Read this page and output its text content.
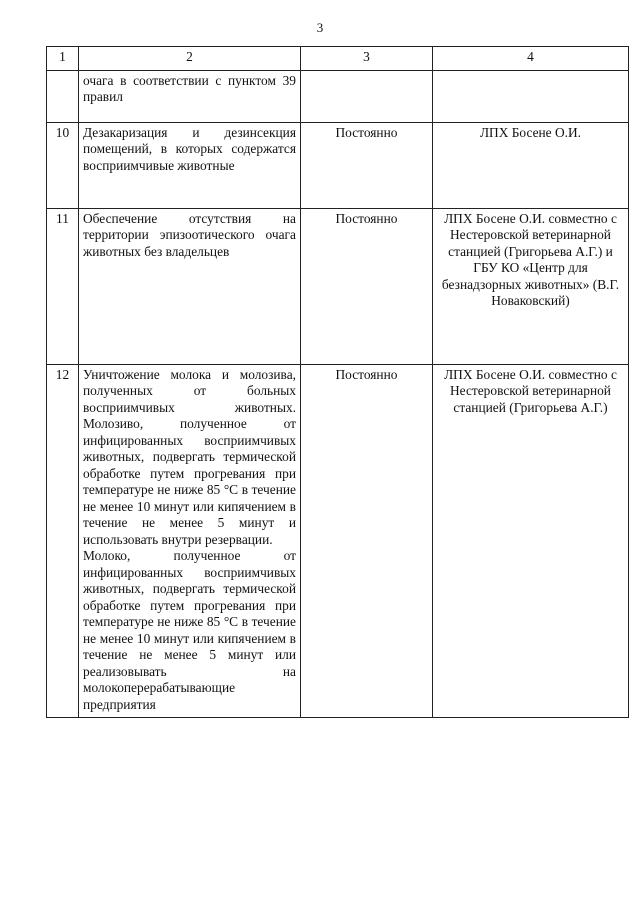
3
1	2	3	4

	очага в соответствии с пунктом 39 правил		

10	Дезакаризация и дезинсекция помещений, в которых содержатся восприимчивые животные	Постоянно	ЛПХ Босене О.И.
11	Обеспечение отсутствия на территории эпизоотического очага животных без владельцев	Постоянно	ЛПХ Босене О.И. совместно с Нестеровской ветеринарной станцией (Григорьева А.Г.) и ГБУ КО «Центр для безнадзорных животных» (В.Г. Новаковский)
12	Уничтожение молока и молозива, полученных от больных восприимчивых животных. Молозиво, полученное от инфицированных восприимчивых животных, подвергать термической обработке путем прогревания при температуре не ниже 85 °С в течение не менее 10 минут или кипячением в течение не менее 5 минут и использовать внутри резервации.
Молоко, полученное от инфицированных восприимчивых животных, подвергать термической обработке путем прогревания при температуре не ниже 85 °С в течение не менее 10 минут или кипячением в течение не менее 5 минут или реализовывать на молокоперерабатывающие предприятия	Постоянно	ЛПХ Босене О.И. совместно с Нестеровской ветеринарной станцией (Григорьева А.Г.)
